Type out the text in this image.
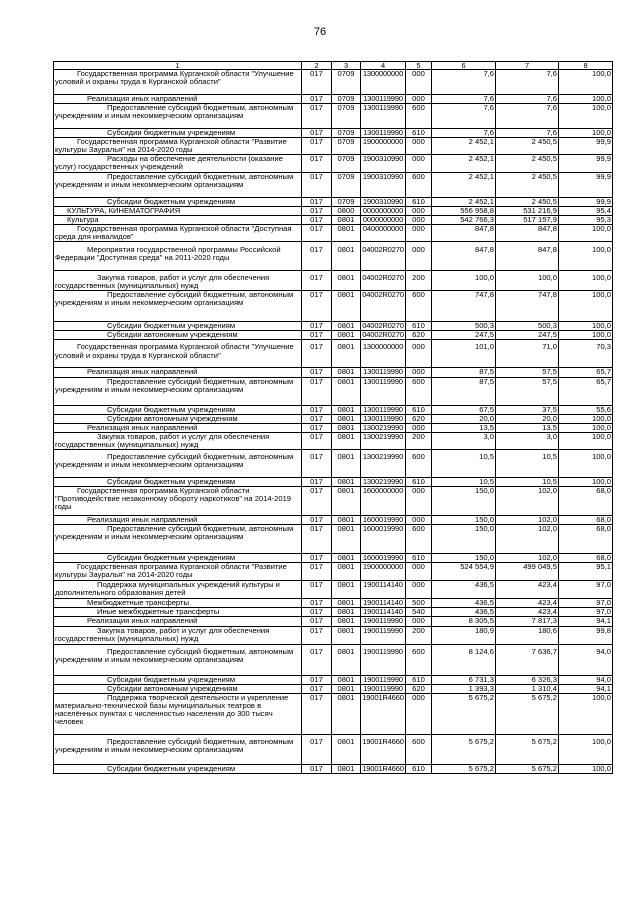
76
1	2	3	4	5	6	7	8

Государственная программа Курганской области "Улучшение условий и охраны труда в Курганской области"	017	0709	1300000000	000	7,6	7,6	100,0

Реализация иных направлений	017	0709	1300119990	000	7,6	7,6	100,0

Предоставление субсидий бюджетным, автономным учреждениям и иным некоммерческим организациям	017	0709	1300119990	600	7,6	7,6	100,0

Субсидии бюджетным учреждениям	017	0709	1300119990	610	7,6	7,6	100,0

Государственная программа Курганской области "Развитие культуры Зауралья" на 2014-2020 годы	017	0709	1900000000	000	2 452,1	2 450,5	99,9

Расходы на обеспечение деятельности (оказание услуг) государственных учреждений	017	0709	1900310990	000	2 452,1	2 450,5	99,9

Предоставление субсидий бюджетным, автономным учреждениям и иным некоммерческим организациям	017	0709	1900310990	600	2 452,1	2 450,5	99,9

Субсидии бюджетным учреждениям	017	0709	1900310990	610	2 452,1	2 450,5	99,9

КУЛЬТУРА, КИНЕМАТОГРАФИЯ	017	0800	0000000000	000	556 958,8	531 216,9	95,4

Культура	017	0801	0000000000	000	542 766,3	517 157,9	95,3

Государственная программа Курганской области "Доступная среда для инвалидов"	017	0801	0400000000	000	847,8	847,8	100,0

Мероприятия государственной программы Российской Федерации "Доступная среда" на 2011-2020 годы	017	0801	04002R0270	000	847,8	847,8	100,0

Закупка товаров, работ и услуг для обеспечения государственных (муниципальных) нужд	017	0801	04002R0270	200	100,0	100,0	100,0

Предоставление субсидий бюджетным, автономным учреждениям и иным некоммерческим организациям	017	0801	04002R0270	600	747,8	747,8	100,0

Субсидии бюджетным учреждениям	017	0801	04002R0270	610	500,3	500,3	100,0

Субсидии автономным учреждениям	017	0801	04002R0270	620	247,5	247,5	100,0

Государственная программа Курганской области "Улучшение условий и охраны труда в Курганской области"	017	0801	1300000000	000	101,0	71,0	70,3

Реализация иных направлений	017	0801	1300119990	000	87,5	57,5	65,7

Предоставление субсидий бюджетным, автономным учреждениям и иным некоммерческим организациям	017	0801	1300119990	600	87,5	57,5	65,7

Субсидии бюджетным учреждениям	017	0801	1300119990	610	67,5	37,5	55,6

Субсидии автономным учреждениям	017	0801	1300119990	620	20,0	20,0	100,0

Реализация иных направлений	017	0801	1300219990	000	13,5	13,5	100,0

Закупка товаров, работ и услуг для обеспечения государственных (муниципальных) нужд	017	0801	1300219990	200	3,0	3,0	100,0

Предоставление субсидий бюджетным, автономным учреждениям и иным некоммерческим организациям	017	0801	1300219990	600	10,5	10,5	100,0

Субсидии бюджетным учреждениям	017	0801	1300219990	610	10,5	10,5	100,0

Государственная программа Курганской области "Противодействие незаконному обороту наркотиков" на 2014-2019 годы	017	0801	1600000000	000	150,0	102,0	68,0

Реализация иных направлений	017	0801	1600019990	000	150,0	102,0	68,0

Предоставление субсидий бюджетным, автономным учреждениям и иным некоммерческим организациям	017	0801	1600019990	600	150,0	102,0	68,0

Субсидии бюджетным учреждениям	017	0801	1600019990	610	150,0	102,0	68,0

Государственная программа Курганской области "Развитие культуры Зауралья" на 2014-2020 годы	017	0801	1900000000	000	524 554,9	499 049,5	95,1

Поддержка муниципальных учреждений культуры и дополнительного образования детей	017	0801	1900114140	000	436,5	423,4	97,0

Межбюджетные трансферты	017	0801	1900114140	500	436,5	423,4	97,0

Иные межбюджетные трансферты	017	0801	1900114140	540	436,5	423,4	97,0

Реализация иных направлений	017	0801	1900119990	000	8 305,5	7 817,3	94,1

Закупка товаров, работ и услуг для обеспечения государственных (муниципальных) нужд	017	0801	1900119990	200	180,9	180,6	99,8

Предоставление субсидий бюджетным, автономным учреждениям и иным некоммерческим организациям	017	0801	1900119990	600	8 124,6	7 636,7	94,0

Субсидии бюджетным учреждениям	017	0801	1900119990	610	6 731,3	6 326,3	94,0

Субсидии автономным учреждениям	017	0801	1900119990	620	1 393,3	1 310,4	94,1

Поддержка творческой деятельности и укрепление материально-технической базы муниципальных театров в населённых пунктах с численностью населения до 300 тысяч человек	017	0801	19001R4660	000	5 675,2	5 675,2	100,0

Предоставление субсидий бюджетным, автономным учреждениям и иным некоммерческим организациям	017	0801	19001R4660	600	5 675,2	5 675,2	100,0

Субсидии бюджетным учреждениям	017	0801	19001R4660	610	5 675,2	5 675,2	100,0
